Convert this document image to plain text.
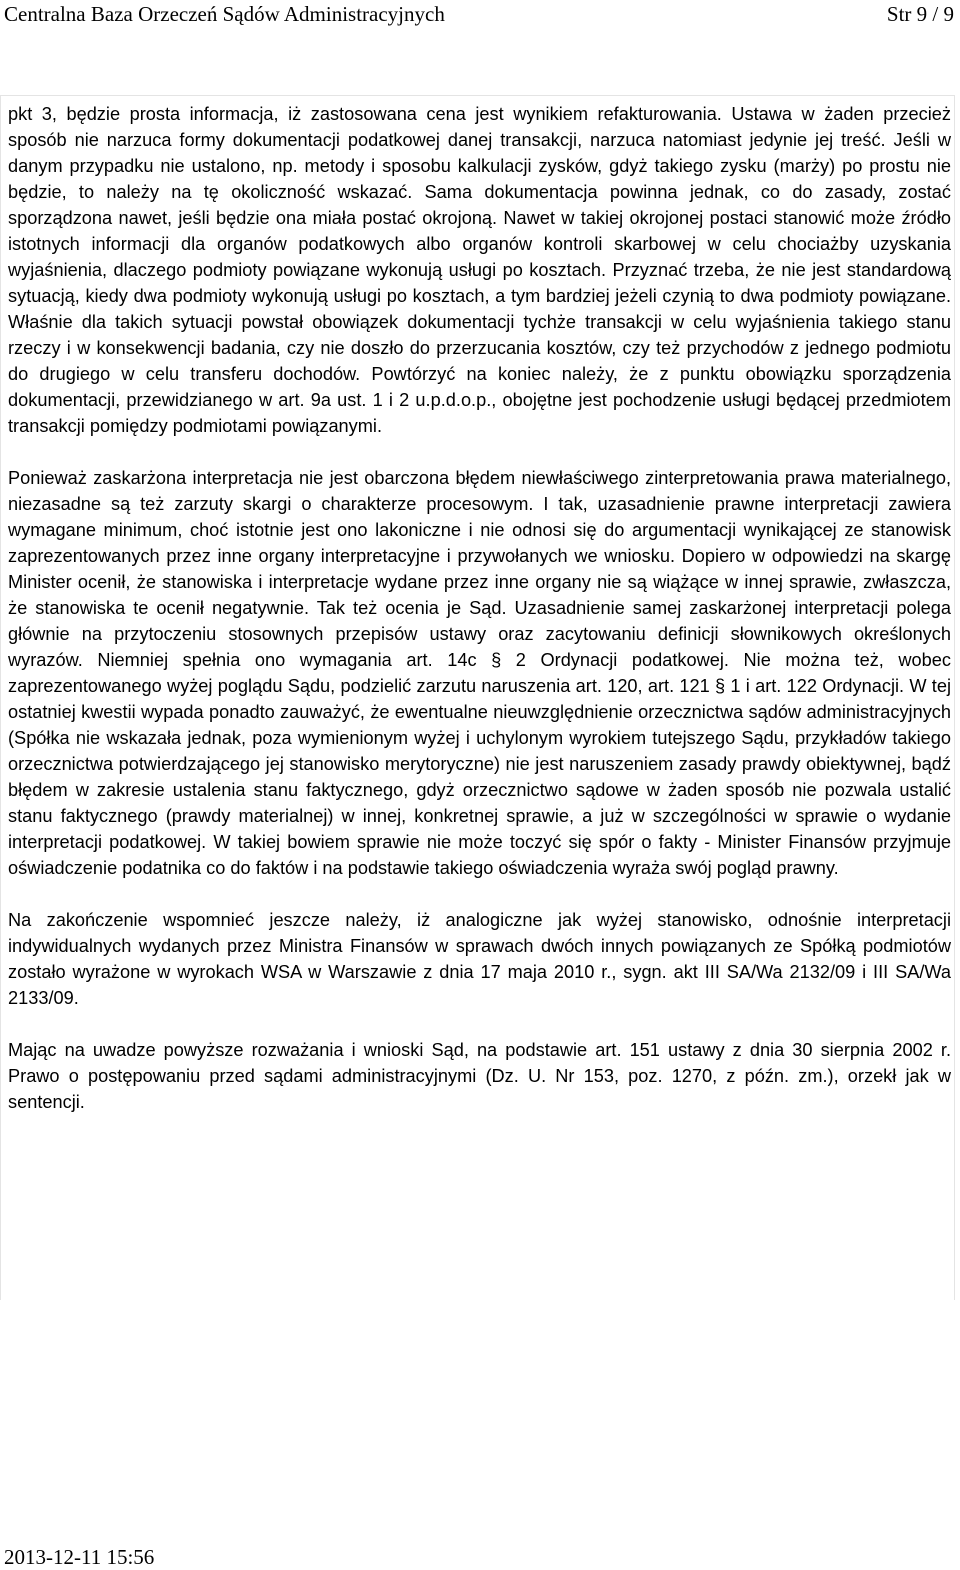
Centralna Baza Orzeczeń Sądów Administracyjnych	Str 9 / 9

pkt 3, będzie prosta informacja, iż zastosowana cena jest wynikiem refakturowania. Ustawa w żaden przecież sposób nie narzuca formy dokumentacji podatkowej danej transakcji, narzuca natomiast jedynie jej treść. Jeśli w danym przypadku nie ustalono, np. metody i sposobu kalkulacji zysków, gdyż takiego zysku (marży) po prostu nie będzie, to należy na tę okoliczność wskazać. Sama dokumentacja powinna jednak, co do zasady, zostać sporządzona nawet, jeśli będzie ona miała postać okrojoną. Nawet w takiej okrojonej postaci stanowić może źródło istotnych informacji dla organów podatkowych albo organów kontroli skarbowej w celu chociażby uzyskania wyjaśnienia, dlaczego podmioty powiązane wykonują usługi po kosztach. Przyznać trzeba, że nie jest standardową sytuacją, kiedy dwa podmioty wykonują usługi po kosztach, a tym bardziej jeżeli czynią to dwa podmioty powiązane. Właśnie dla takich sytuacji powstał obowiązek dokumentacji tychże transakcji w celu wyjaśnienia takiego stanu rzeczy i w konsekwencji badania, czy nie doszło do przerzucania kosztów, czy też przychodów z jednego podmiotu do drugiego w celu transferu dochodów. Powtórzyć na koniec należy, że z punktu obowiązku sporządzenia dokumentacji, przewidzianego w art. 9a ust. 1 i 2 u.p.d.o.p., obojętne jest pochodzenie usługi będącej przedmiotem transakcji pomiędzy podmiotami powiązanymi.

Ponieważ zaskarżona interpretacja nie jest obarczona błędem niewłaściwego zinterpretowania prawa materialnego, niezasadne są też zarzuty skargi o charakterze procesowym. I tak, uzasadnienie prawne interpretacji zawiera wymagane minimum, choć istotnie jest ono lakoniczne i nie odnosi się do argumentacji wynikającej ze stanowisk zaprezentowanych przez inne organy interpretacyjne i przywołanych we wniosku. Dopiero w odpowiedzi na skargę Minister ocenił, że stanowiska i interpretacje wydane przez inne organy nie są wiążące w innej sprawie, zwłaszcza, że stanowiska te ocenił negatywnie. Tak też ocenia je Sąd. Uzasadnienie samej zaskarżonej interpretacji polega głównie na przytoczeniu stosownych przepisów ustawy oraz zacytowaniu definicji słownikowych określonych wyrazów. Niemniej spełnia ono wymagania art. 14c § 2 Ordynacji podatkowej. Nie można też, wobec zaprezentowanego wyżej poglądu Sądu, podzielić zarzutu naruszenia art. 120, art. 121 § 1 i art. 122 Ordynacji. W tej ostatniej kwestii wypada ponadto zauważyć, że ewentualne nieuwzględnienie orzecznictwa sądów administracyjnych (Spółka nie wskazała jednak, poza wymienionym wyżej i uchylonym wyrokiem tutejszego Sądu, przykładów takiego orzecznictwa potwierdzającego jej stanowisko merytoryczne) nie jest naruszeniem zasady prawdy obiektywnej, bądź błędem w zakresie ustalenia stanu faktycznego, gdyż orzecznictwo sądowe w żaden sposób nie pozwala ustalić stanu faktycznego (prawdy materialnej) w innej, konkretnej sprawie, a już w szczególności w sprawie o wydanie interpretacji podatkowej. W takiej bowiem sprawie nie może toczyć się spór o fakty - Minister Finansów przyjmuje oświadczenie podatnika co do faktów i na podstawie takiego oświadczenia wyraża swój pogląd prawny.

Na zakończenie wspomnieć jeszcze należy, iż analogiczne jak wyżej stanowisko, odnośnie interpretacji indywidualnych wydanych przez Ministra Finansów w sprawach dwóch innych powiązanych ze Spółką podmiotów zostało wyrażone w wyrokach WSA w Warszawie z dnia 17 maja 2010 r., sygn. akt III SA/Wa 2132/09 i III SA/Wa 2133/09.

Mając na uwadze powyższe rozważania i wnioski Sąd, na podstawie art. 151 ustawy z dnia 30 sierpnia 2002 r. Prawo o postępowaniu przed sądami administracyjnymi (Dz. U. Nr 153, poz. 1270, z późn. zm.), orzekł jak w sentencji.

2013-12-11 15:56
